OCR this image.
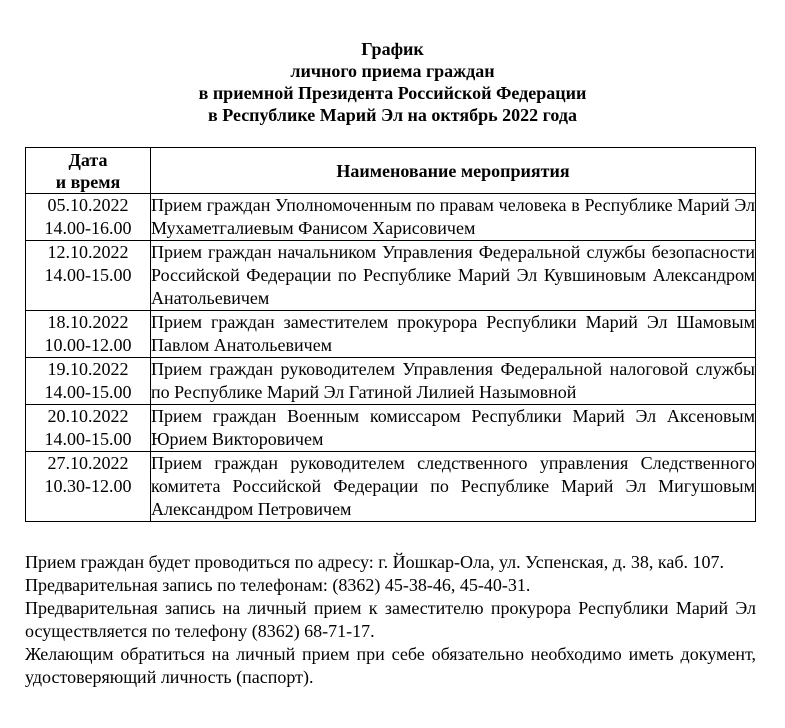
График
личного приема граждан
в приемной Президента Российской Федерации
в Республике Марий Эл на октябрь 2022 года
Дата
и время	Наименование мероприятия

05.10.2022
14.00-16.00	Прием граждан Уполномоченным по правам человека в Республике Марий Эл Мухаметгалиевым Фанисом Харисовичем

12.10.2022
14.00-15.00	Прием граждан начальником Управления Федеральной службы безопасности Российской Федерации по Республике Марий Эл Кувшиновым Александром Анатольевичем

18.10.2022
10.00-12.00	Прием граждан заместителем прокурора Республики Марий Эл Шамовым Павлом Анатольевичем

19.10.2022
14.00-15.00	Прием граждан руководителем Управления Федеральной налоговой службы по Республике Марий Эл Гатиной Лилией Назымовной

20.10.2022
14.00-15.00	Прием граждан Военным комиссаром Республики Марий Эл Аксеновым Юрием Викторовичем

27.10.2022
10.30-12.00	Прием граждан руководителем следственного управления Следственного комитета Российской Федерации по Республике Марий Эл Мигушовым Александром Петровичем

Прием граждан будет проводиться по адресу: г. Йошкар-Ола, ул. Успенская, д. 38, каб. 107.

Предварительная запись по телефонам: (8362) 45-38-46, 45-40-31.

Предварительная запись на личный прием к заместителю прокурора Республики Марий Эл осуществляется по телефону (8362) 68-71-17.

Желающим обратиться на личный прием при себе обязательно необходимо иметь документ, удостоверяющий личность (паспорт).
